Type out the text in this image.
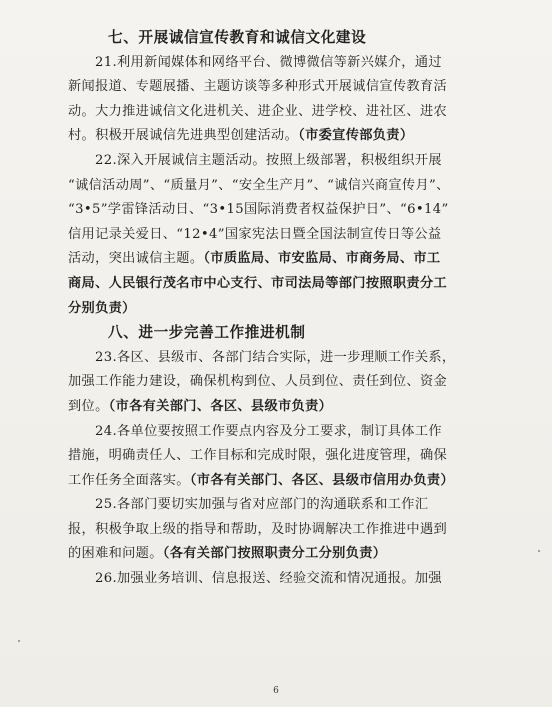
七、开展诚信宣传教育和诚信文化建设
21.利用新闻媒体和网络平台、微博微信等新兴媒介，通过
新闻报道、专题展播、主题访谈等多种形式开展诚信宣传教育活
动。大力推进诚信文化进机关、进企业、进学校、进社区、进农
村。积极开展诚信先进典型创建活动。（市委宣传部负责）
22.深入开展诚信主题活动。按照上级部署，积极组织开展
“诚信活动周”、“质量月”、“安全生产月”、“诚信兴商宣传月”、
“3•5”学雷锋活动日、“3•15国际消费者权益保护日”、“6•14”
信用记录关爱日、“12•4”国家宪法日暨全国法制宣传日等公益
活动，突出诚信主题。（市质监局、市安监局、市商务局、市工
商局、人民银行茂名市中心支行、市司法局等部门按照职责分工
分别负责）
八、进一步完善工作推进机制
23.各区、县级市、各部门结合实际，进一步理顺工作关系，
加强工作能力建设，确保机构到位、人员到位、责任到位、资金
到位。（市各有关部门、各区、县级市负责）
24.各单位要按照工作要点内容及分工要求，制订具体工作
措施，明确责任人、工作目标和完成时限，强化进度管理，确保
工作任务全面落实。（市各有关部门、各区、县级市信用办负责）
25.各部门要切实加强与省对应部门的沟通联系和工作汇
报，积极争取上级的指导和帮助，及时协调解决工作推进中遇到
的困难和问题。（各有关部门按照职责分工分别负责）
26.加强业务培训、信息报送、经验交流和情况通报。加强
6
